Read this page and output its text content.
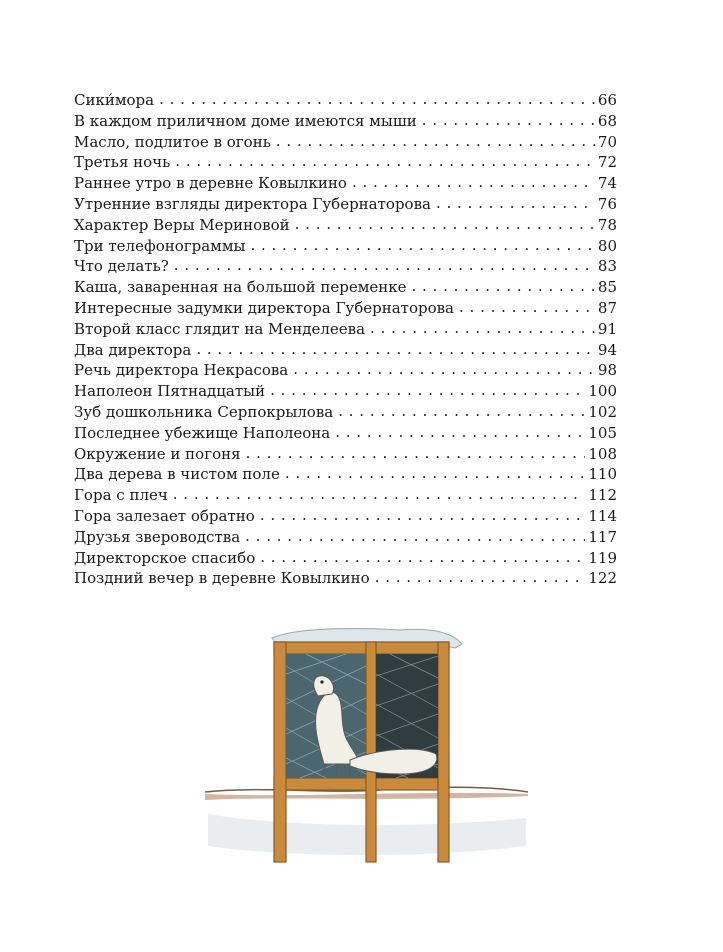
Сики́мора . . .	66
В каждом приличном доме имеются мыши . . .	68
Масло, подлитое в огонь . . .	70
Третья ночь . . .	72
Раннее утро в деревне Ковылкино . . .	74
Утренние взгляды директора Губернаторова . . .	76
Характер Веры Мериновой . . .	78
Три телефонограммы . . .	80
Что делать? . . .	83
Каша, заваренная на большой переменке . . .	85
Интересные задумки директора Губернаторова . . .	87
Второй класс глядит на Менделеева . . .	91
Два директора . . .	94
Речь директора Некрасова . . .	98
Наполеон Пятнадцатый . . .	100
Зуб дошкольника Серпокрылова . . .	102
Последнее убежище Наполеона . . .	105
Окружение и погоня . . .	108
Два дерева в чистом поле . . .	110
Гора с плеч . . .	112
Гора залезает обратно . . .	114
Друзья звероводства . . .	117
Директорское спасибо . . .	119
Поздний вечер в деревне Ковылкино . . .	122
